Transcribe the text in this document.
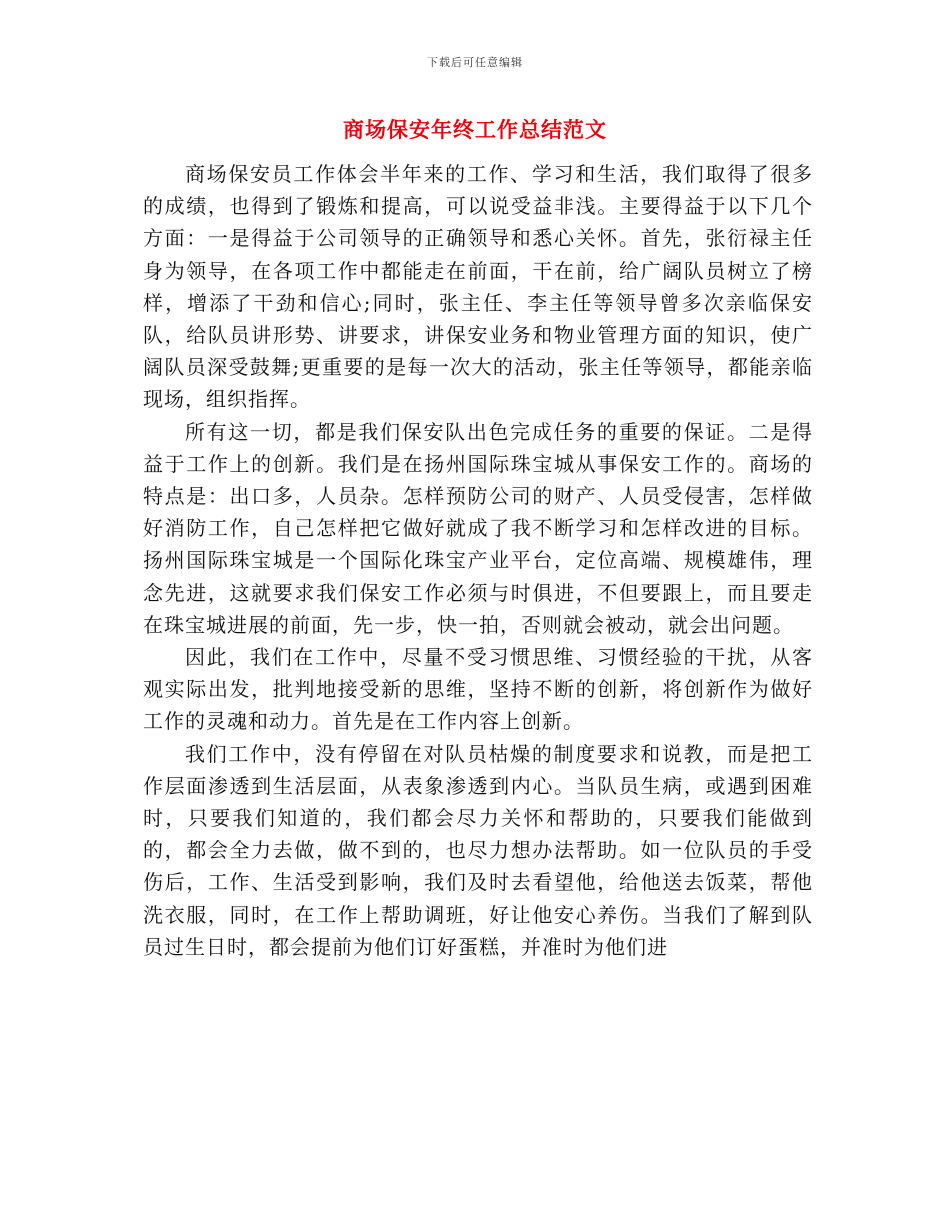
下载后可任意编辑
商场保安年终工作总结范文

商场保安员工作体会半年来的工作、学习和生活，我们取得了很多的成绩，也得到了锻炼和提高，可以说受益非浅。主要得益于以下几个方面：一是得益于公司领导的正确领导和悉心关怀。首先，张衍禄主任身为领导，在各项工作中都能走在前面，干在前，给广阔队员树立了榜样，增添了干劲和信心;同时，张主任、李主任等领导曾多次亲临保安队，给队员讲形势、讲要求，讲保安业务和物业管理方面的知识，使广阔队员深受鼓舞;更重要的是每一次大的活动，张主任等领导，都能亲临现场，组织指挥。

所有这一切，都是我们保安队出色完成任务的重要的保证。二是得益于工作上的创新。我们是在扬州国际珠宝城从事保安工作的。商场的特点是：出口多，人员杂。怎样预防公司的财产、人员受侵害，怎样做好消防工作，自己怎样把它做好就成了我不断学习和怎样改进的目标。扬州国际珠宝城是一个国际化珠宝产业平台，定位高端、规模雄伟，理念先进，这就要求我们保安工作必须与时俱进，不但要跟上，而且要走在珠宝城进展的前面，先一步，快一拍，否则就会被动，就会出问题。

因此，我们在工作中，尽量不受习惯思维、习惯经验的干扰，从客观实际出发，批判地接受新的思维，坚持不断的创新，将创新作为做好工作的灵魂和动力。首先是在工作内容上创新。

我们工作中，没有停留在对队员枯燥的制度要求和说教，而是把工作层面渗透到生活层面，从表象渗透到内心。当队员生病，或遇到困难时，只要我们知道的，我们都会尽力关怀和帮助的，只要我们能做到的，都会全力去做，做不到的，也尽力想办法帮助。如一位队员的手受伤后，工作、生活受到影响，我们及时去看望他，给他送去饭菜，帮他洗衣服，同时，在工作上帮助调班，好让他安心养伤。当我们了解到队员过生日时，都会提前为他们订好蛋糕，并准时为他们进
